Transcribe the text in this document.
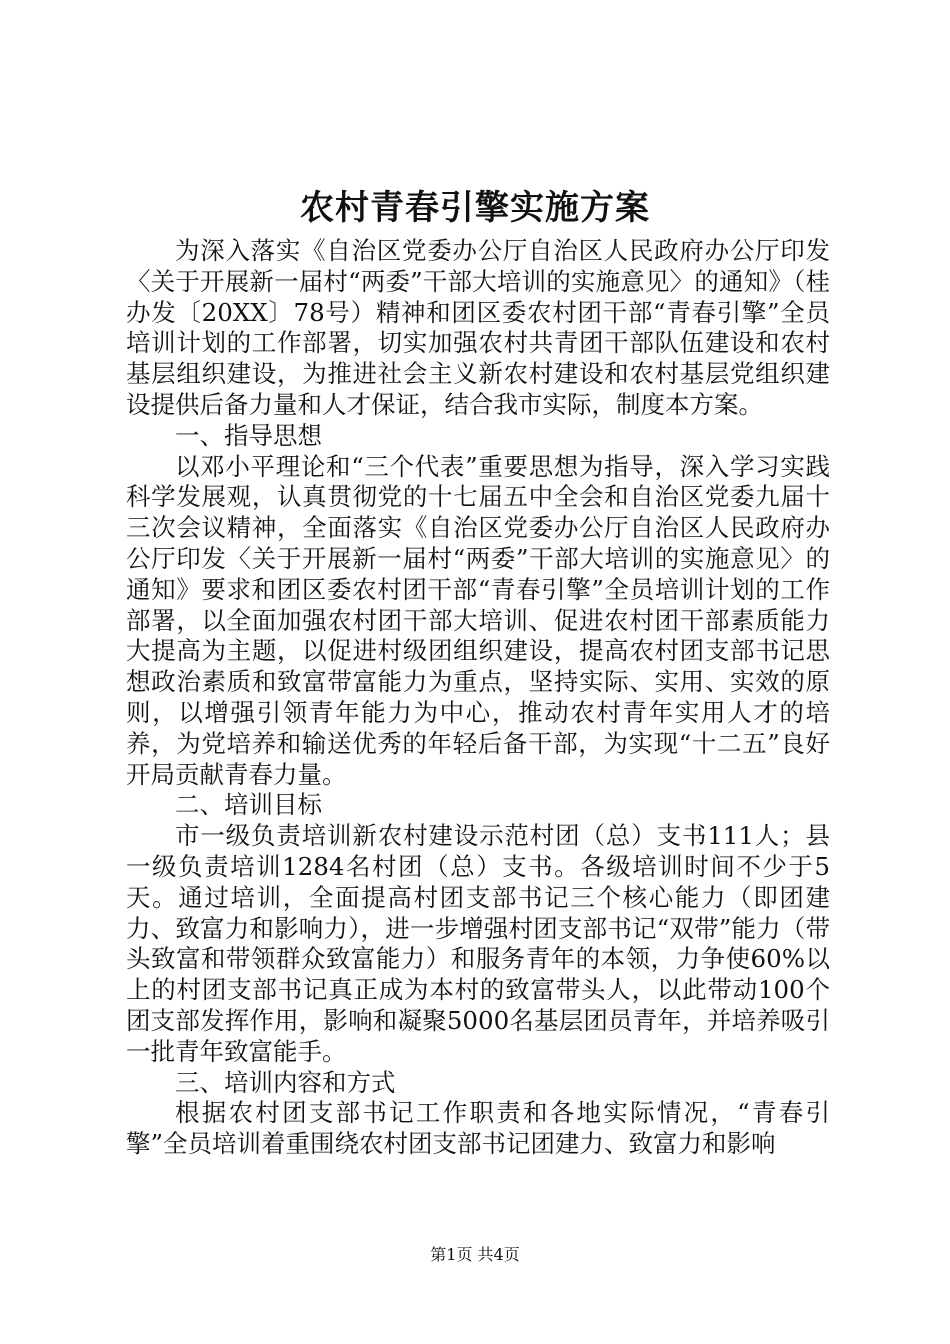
农村青春引擎实施方案

为深入落实《自治区党委办公厅自治区人民政府办公厅印发〈关于开展新一届村“两委”干部大培训的实施意见〉的通知》（桂办发〔20XX〕78号）精神和团区委农村团干部“青春引擎”全员培训计划的工作部署，切实加强农村共青团干部队伍建设和农村基层组织建设，为推进社会主义新农村建设和农村基层党组织建设提供后备力量和人才保证，结合我市实际，制度本方案。

一、指导思想

以邓小平理论和“三个代表”重要思想为指导，深入学习实践科学发展观，认真贯彻党的十七届五中全会和自治区党委九届十三次会议精神，全面落实《自治区党委办公厅自治区人民政府办公厅印发〈关于开展新一届村“两委”干部大培训的实施意见〉的通知》要求和团区委农村团干部“青春引擎”全员培训计划的工作部署，以全面加强农村团干部大培训、促进农村团干部素质能力大提高为主题，以促进村级团组织建设，提高农村团支部书记思想政治素质和致富带富能力为重点，坚持实际、实用、实效的原则，以增强引领青年能力为中心，推动农村青年实用人才的培养，为党培养和输送优秀的年轻后备干部，为实现“十二五”良好开局贡献青春力量。

二、培训目标

市一级负责培训新农村建设示范村团（总）支书111人；县一级负责培训1284名村团（总）支书。各级培训时间不少于5天。通过培训，全面提高村团支部书记三个核心能力（即团建力、致富力和影响力），进一步增强村团支部书记“双带”能力（带头致富和带领群众致富能力）和服务青年的本领，力争使60%以上的村团支部书记真正成为本村的致富带头人，以此带动100个团支部发挥作用，影响和凝聚5000名基层团员青年，并培养吸引一批青年致富能手。

三、培训内容和方式

根据农村团支部书记工作职责和各地实际情况，“青春引擎”全员培训着重围绕农村团支部书记团建力、致富力和影响

第1页 共4页
